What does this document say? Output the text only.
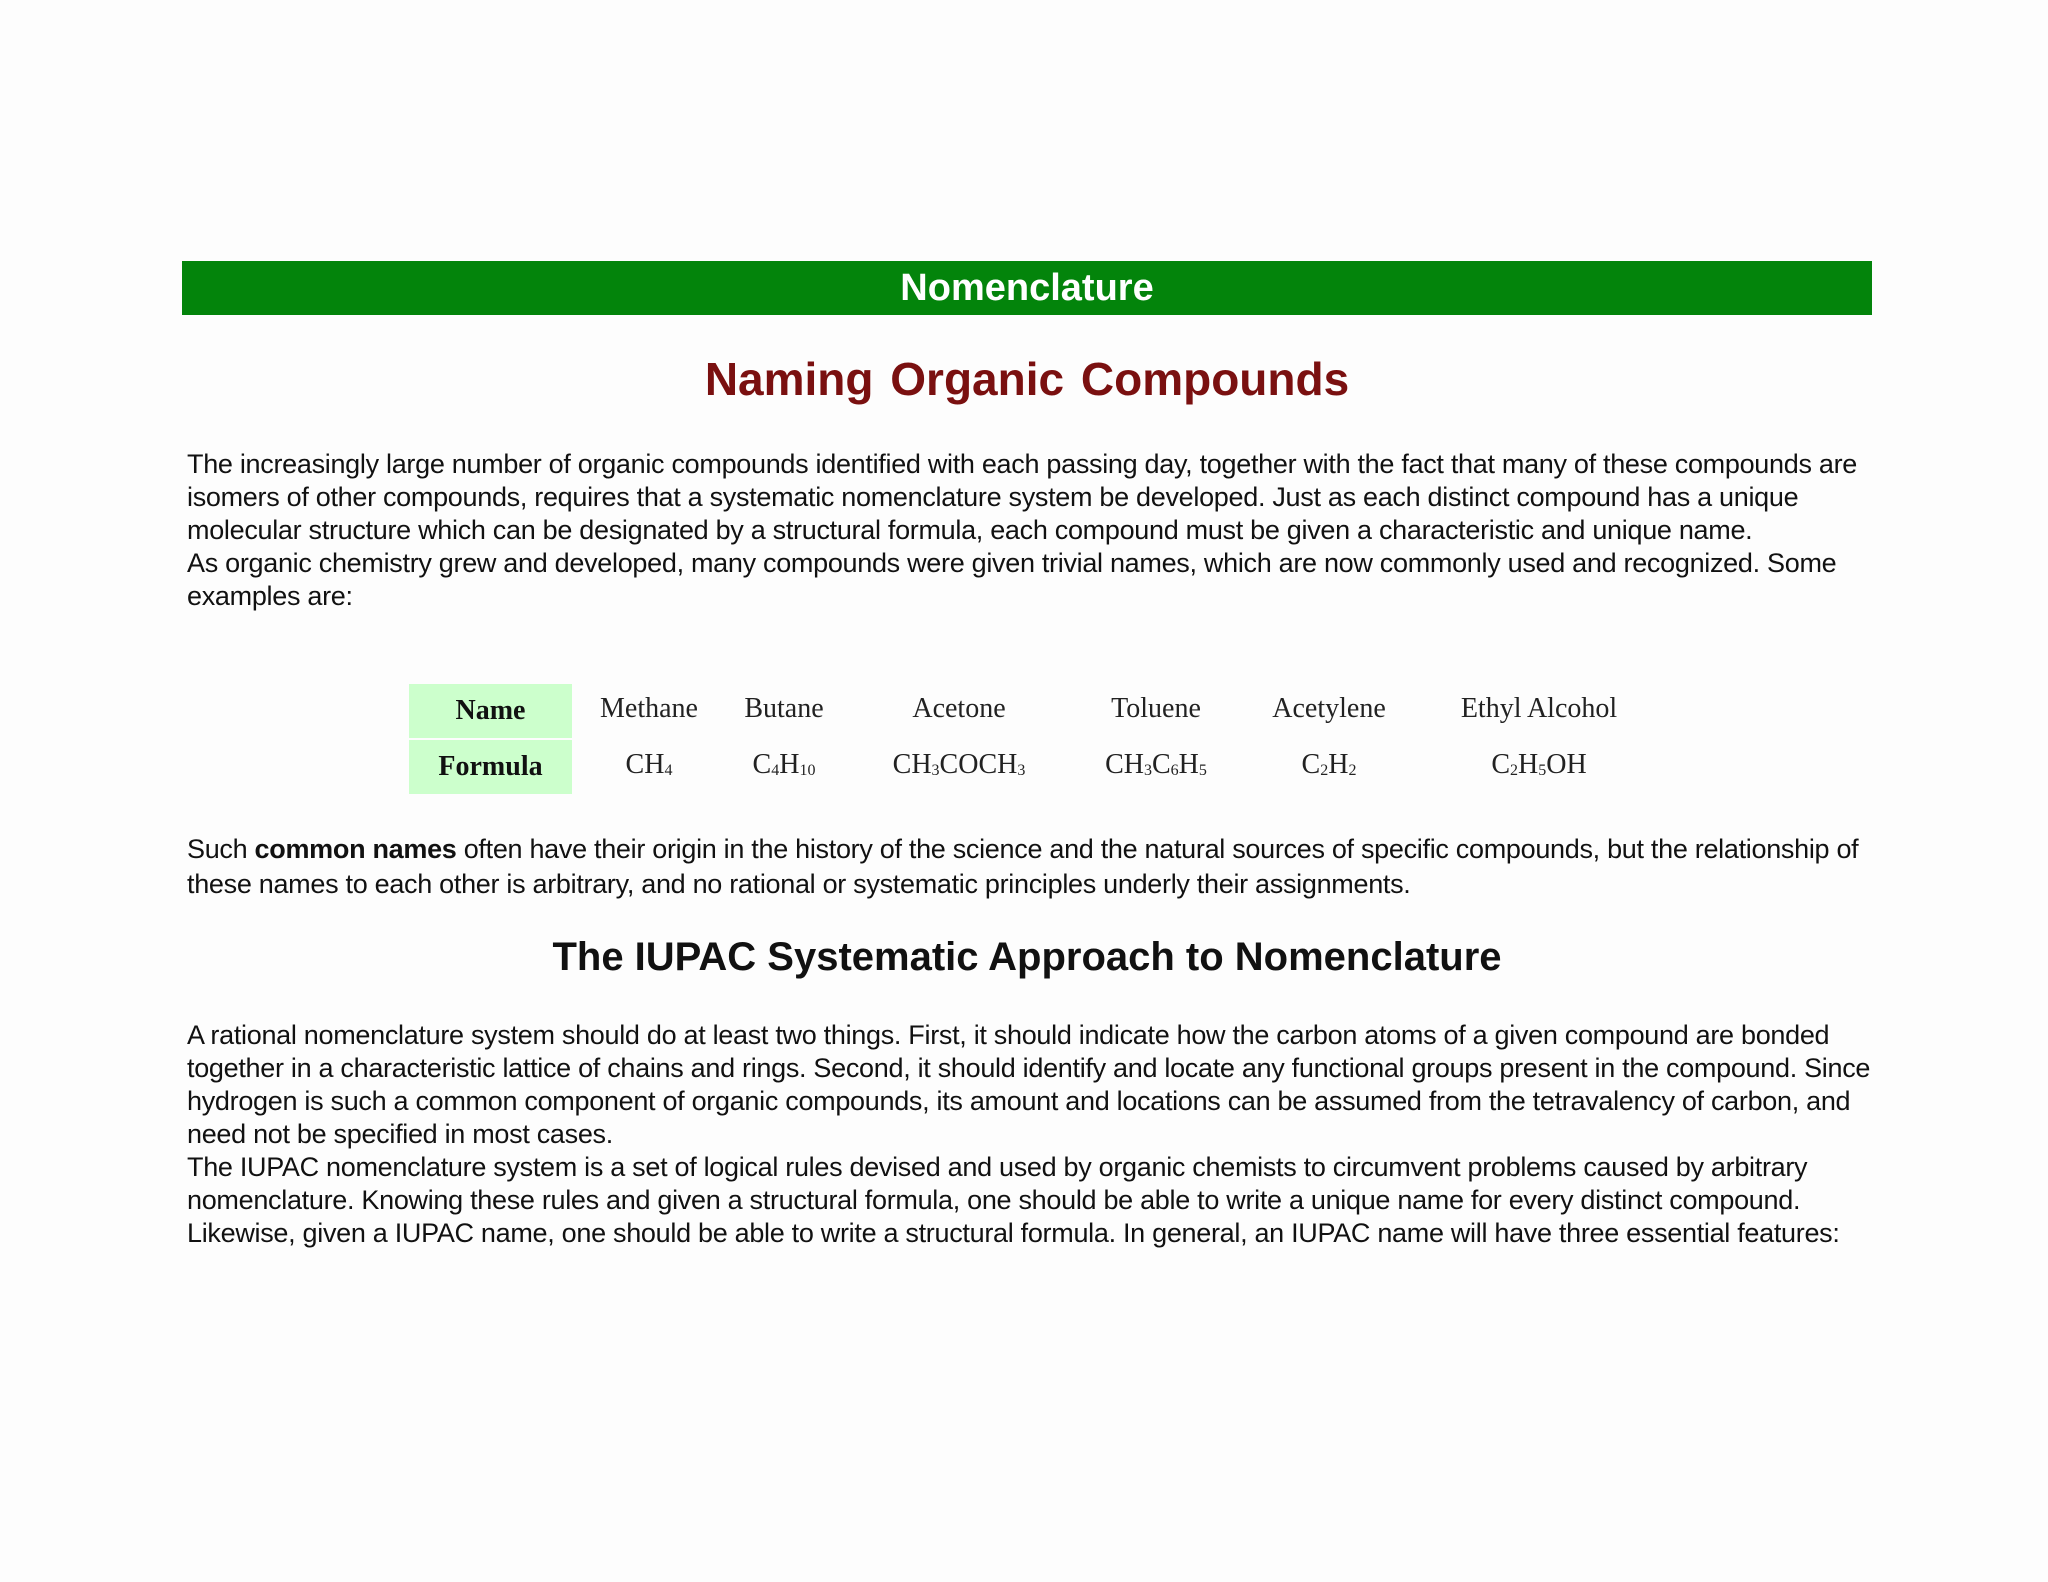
Nomenclature
Naming Organic Compounds

The increasingly large number of organic compounds identified with each passing day, together with the fact that many of these compounds are isomers of other compounds, requires that a systematic nomenclature system be developed. Just as each distinct compound has a unique molecular structure which can be designated by a structural formula, each compound must be given a characteristic and unique name.

As organic chemistry grew and developed, many compounds were given trivial names, which are now commonly used and recognized. Some examples are:

Name	Methane	Butane	Acetone	Toluene	Acetylene	Ethyl Alcohol
Formula	$CH_4$	$C_4H_{10}$	$CH_3COCH_3$	$CH_3C_6H_5$	$C_2H_2$	$C_2H_5OH$
Such common names often have their origin in the history of the science and the natural sources of specific compounds, but the relationship of these names to each other is arbitrary, and no rational or systematic principles underly their assignments.
The IUPAC Systematic Approach to Nomenclature

A rational nomenclature system should do at least two things. First, it should indicate how the carbon atoms of a given compound are bonded together in a characteristic lattice of chains and rings. Second, it should identify and locate any functional groups present in the compound. Since hydrogen is such a common component of organic compounds, its amount and locations can be assumed from the tetravalency of carbon, and need not be specified in most cases.

The IUPAC nomenclature system is a set of logical rules devised and used by organic chemists to circumvent problems caused by arbitrary nomenclature. Knowing these rules and given a structural formula, one should be able to write a unique name for every distinct compound. Likewise, given a IUPAC name, one should be able to write a structural formula. In general, an IUPAC name will have three essential features:
